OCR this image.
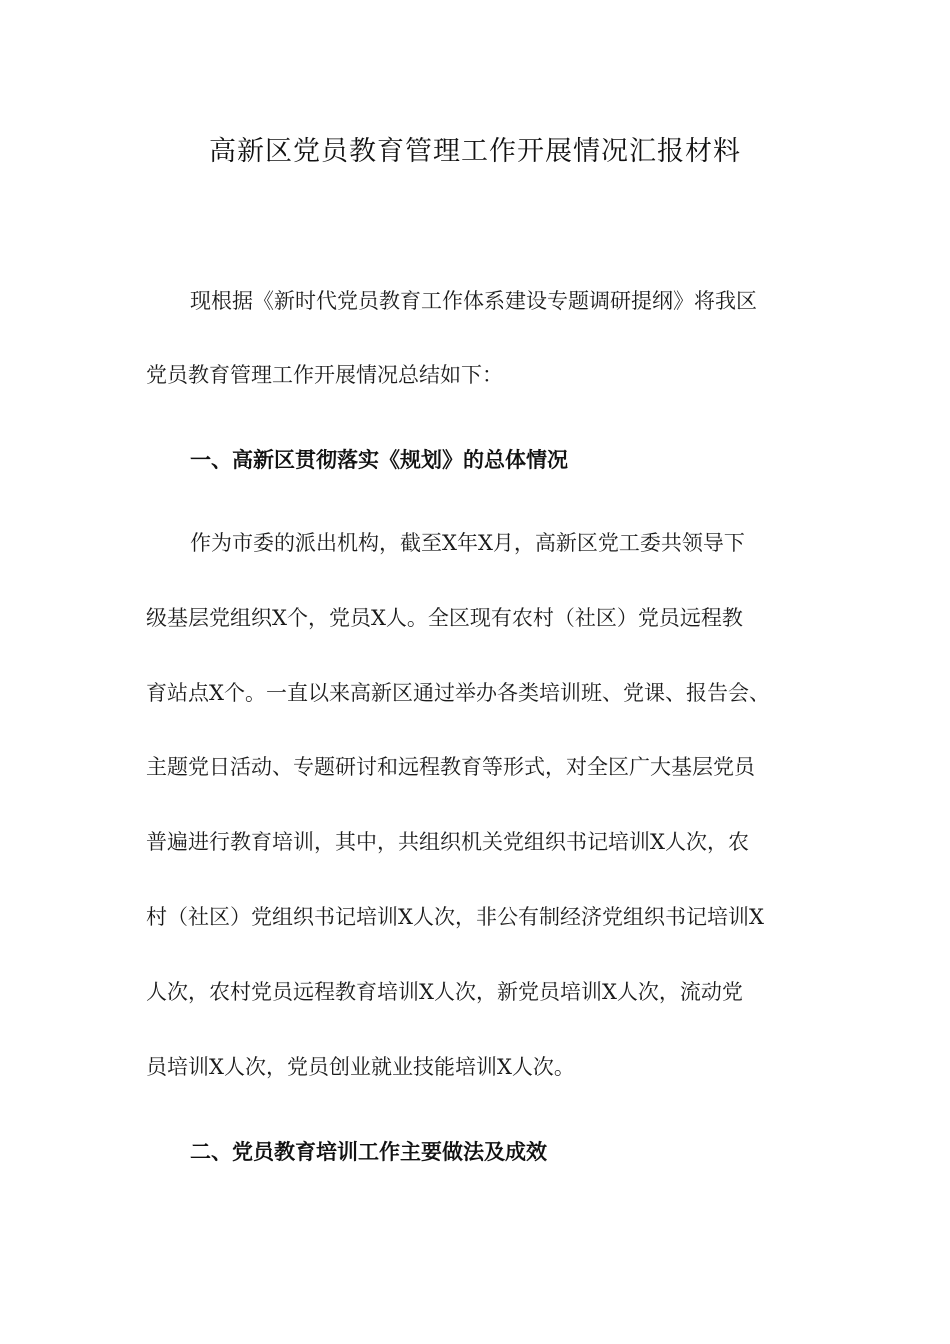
高新区党员教育管理工作开展情况汇报材料
现根据《新时代党员教育工作体系建设专题调研提纲》将我区
党员教育管理工作开展情况总结如下：
一、高新区贯彻落实《规划》的总体情况
作为市委的派出机构，截至X年X月，高新区党工委共领导下
级基层党组织X个，党员X人。全区现有农村（社区）党员远程教
育站点X个。一直以来高新区通过举办各类培训班、党课、报告会、
主题党日活动、专题研讨和远程教育等形式，对全区广大基层党员
普遍进行教育培训，其中，共组织机关党组织书记培训X人次，农
村（社区）党组织书记培训X人次，非公有制经济党组织书记培训X
人次，农村党员远程教育培训X人次，新党员培训X人次，流动党
员培训X人次，党员创业就业技能培训X人次。
二、党员教育培训工作主要做法及成效
